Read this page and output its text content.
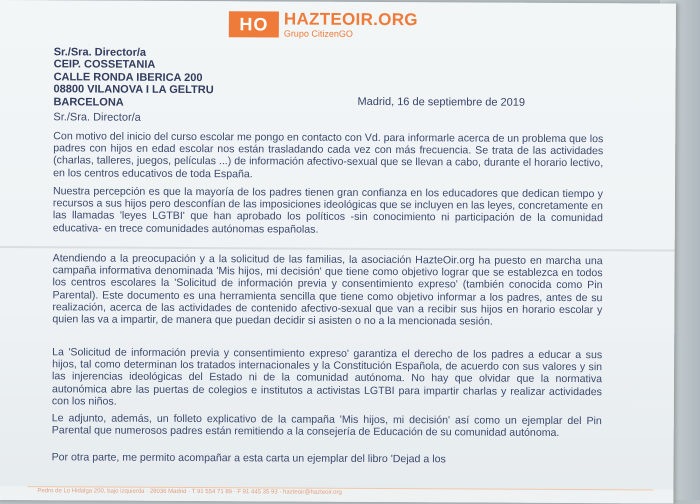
HO HAZTEOIR.ORG
Grupo CitizenGO
Sr./Sra. Director/a
CEIP. COSSETANIA
CALLE RONDA IBERICA 200
08800 VILANOVA I LA GELTRU
BARCELONA	Madrid, 16 de septiembre de 2019
Sr./Sra. Director/a
Con motivo del inicio del curso escolar me pongo en contacto con Vd. para informarle acerca de un problema que los padres con hijos en edad escolar nos están trasladando cada vez con más frecuencia. Se trata de las actividades (charlas, talleres, juegos, películas ...) de información afectivo-sexual que se llevan a cabo, durante el horario lectivo, en los centros educativos de toda España.
Nuestra percepción es que la mayoría de los padres tienen gran confianza en los educadores que dedican tiempo y recursos a sus hijos pero desconfían de las imposiciones ideológicas que se incluyen en las leyes, concretamente en las llamadas 'leyes LGTBI' que han aprobado los políticos -sin conocimiento ni participación de la comunidad educativa- en trece comunidades autónomas españolas.
Atendiendo a la preocupación y a la solicitud de las familias, la asociación HazteOir.org ha puesto en marcha una campaña informativa denominada 'Mis hijos, mi decisión' que tiene como objetivo lograr que se establezca en todos los centros escolares la 'Solicitud de información previa y consentimiento expreso' (también conocida como Pin Parental). Este documento es una herramienta sencilla que tiene como objetivo informar a los padres, antes de su realización, acerca de las actividades de contenido afectivo-sexual que van a recibir sus hijos en horario escolar y quien las va a impartir, de manera que puedan decidir si asisten o no a la mencionada sesión.
La 'Solicitud de información previa y consentimiento expreso' garantiza el derecho de los padres a educar a sus hijos, tal como determinan los tratados internacionales y la Constitución Española, de acuerdo con sus valores y sin las injerencias ideológicas del Estado ni de la comunidad autónoma. No hay que olvidar que la normativa autonómica abre las puertas de colegios e institutos a activistas LGTBI para impartir charlas y realizar actividades con los niños.
Le adjunto, además, un folleto explicativo de la campaña 'Mis hijos, mi decisión' así como un ejemplar del Pin Parental que numerosos padres están remitiendo a la consejería de Educación de su comunidad autónoma.
Por otra parte, me permito acompañar a esta carta un ejemplar del libro 'Dejad a los
Pedro de Lo Hidalga 200, bajo izquierda · 28036 Madrid · T 91 554 71 89 · F 91 445 35 93 · hazteoir@hazteoir.org
